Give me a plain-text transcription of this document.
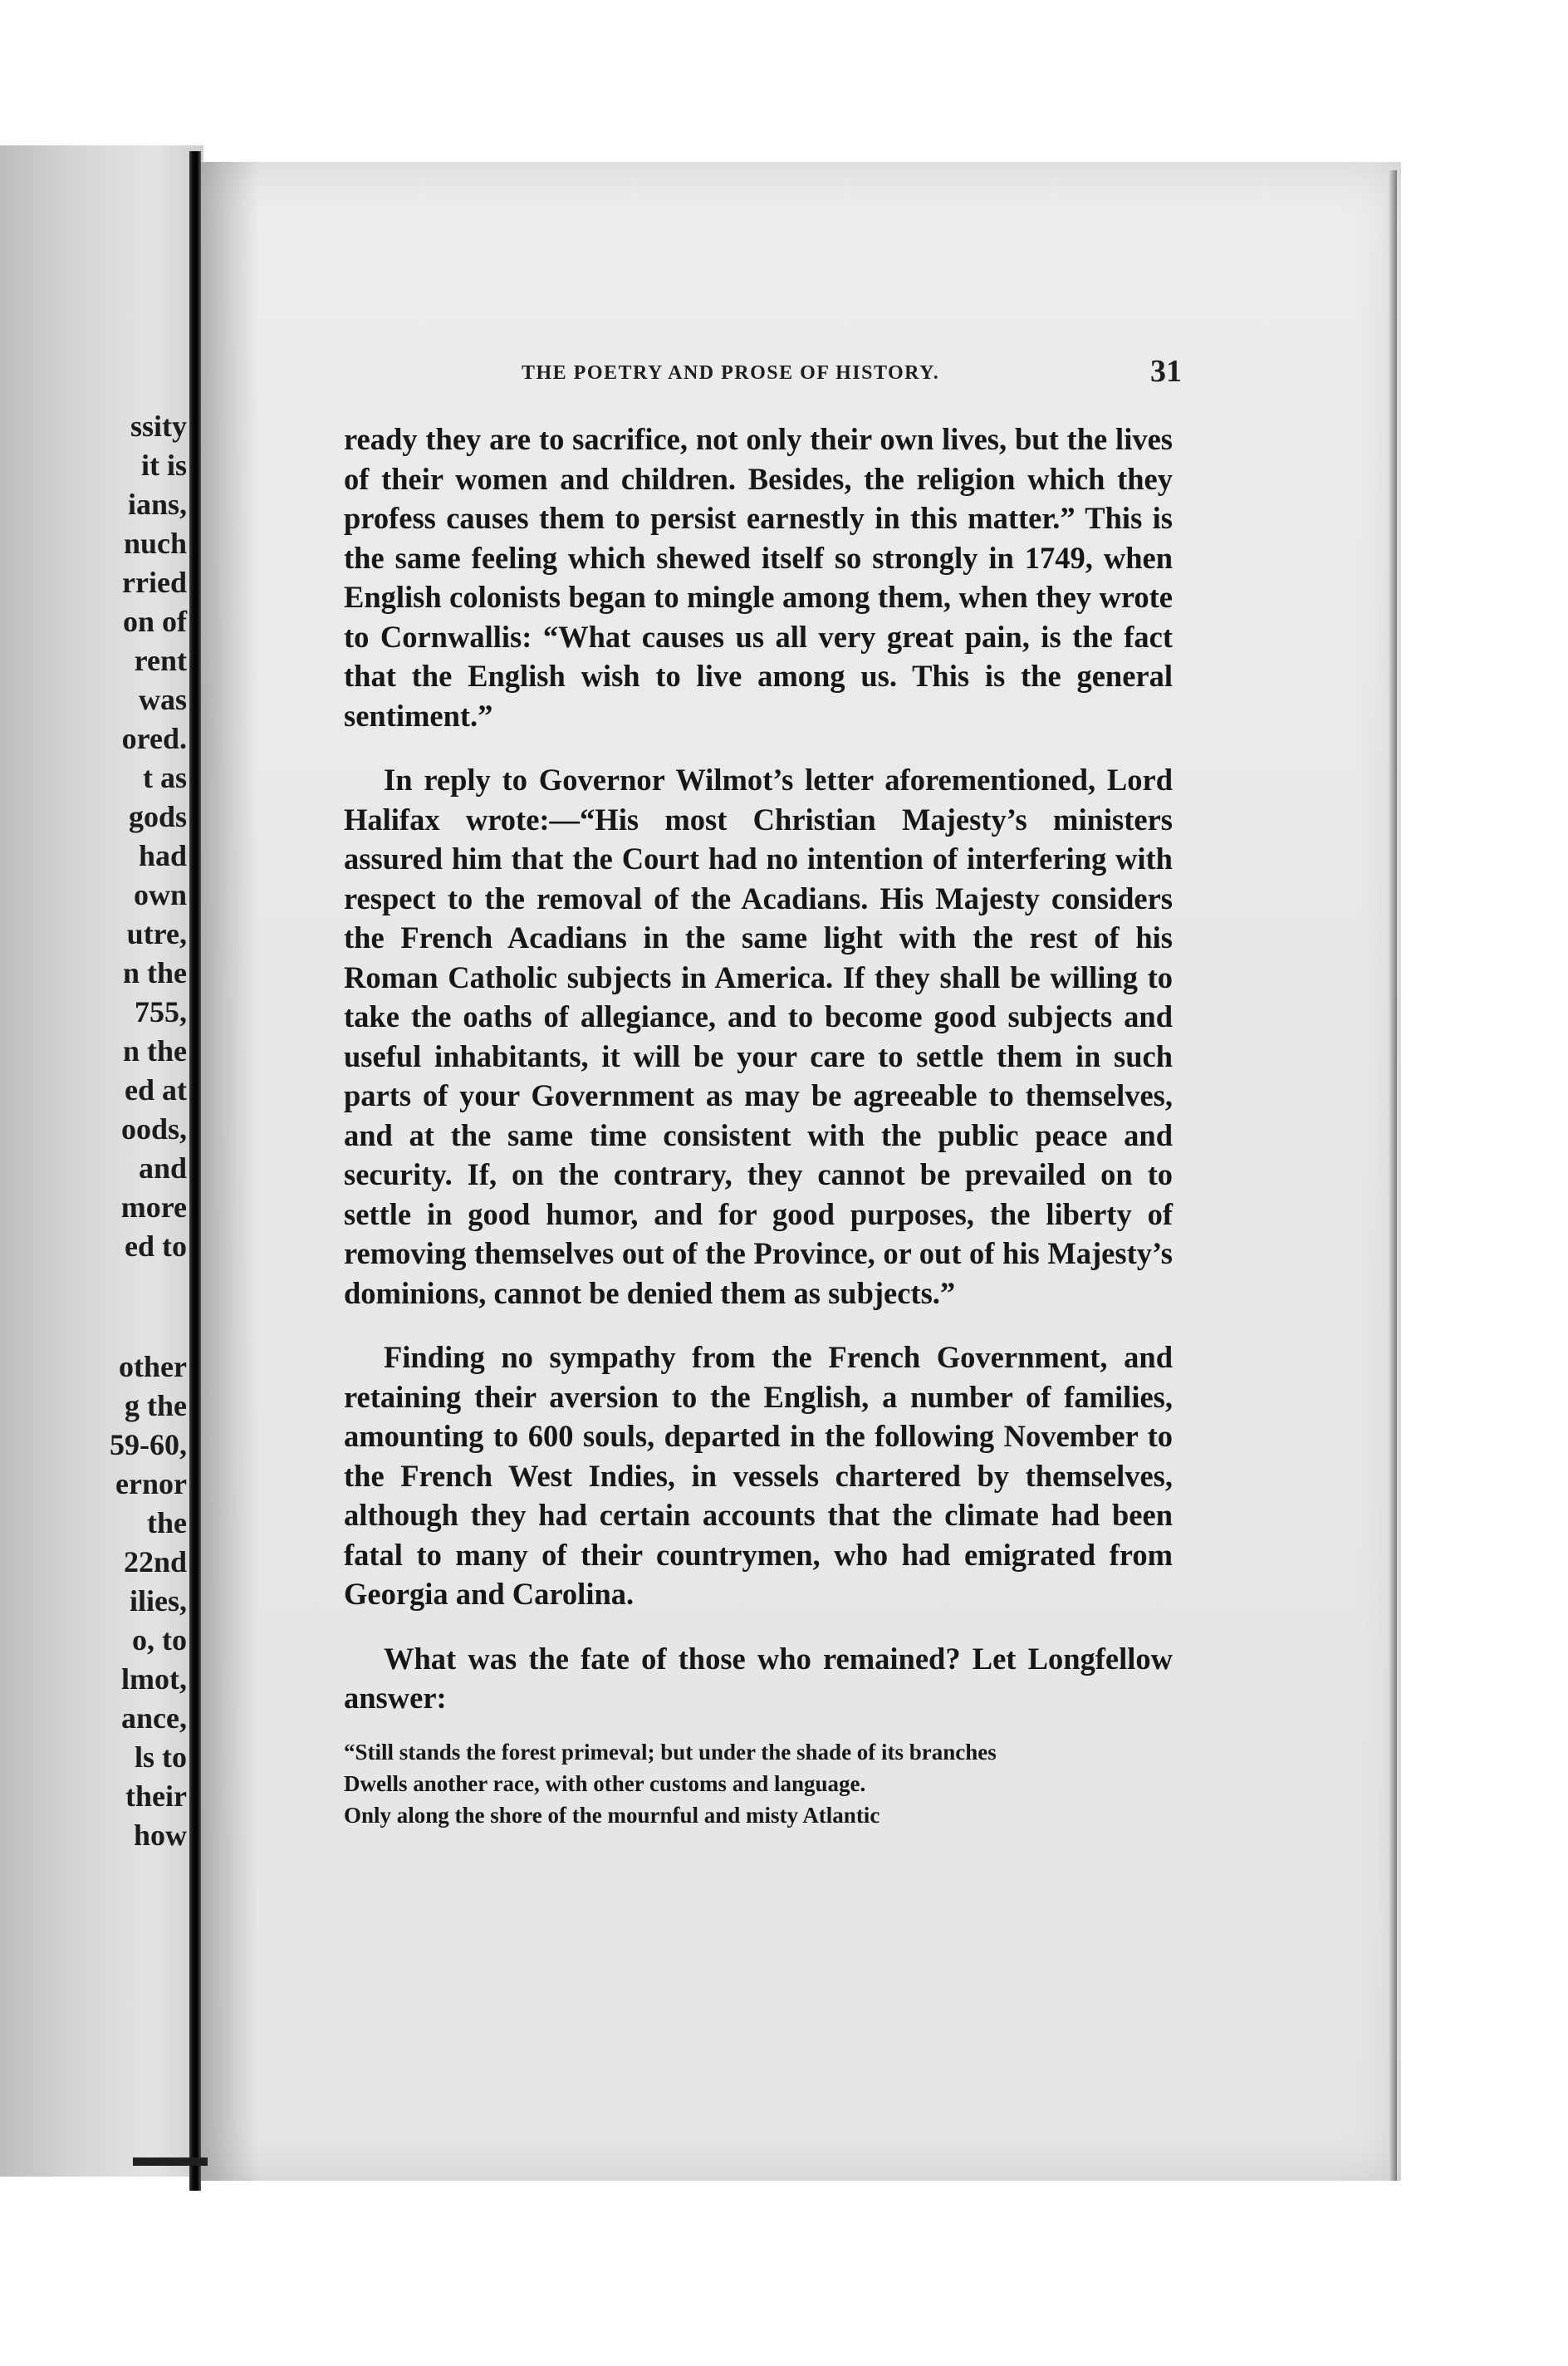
ssity
it is
ians,
nuch
rried
on of
rent
was
ored.
t as
gods
had
own
utre,
n the
755,
n the
ed at
oods,
and
more
ed to
other
g the
59-60,
ernor
the
22nd
ilies,
o, to
lmot,
ance,
ls to
their
how
THE POETRY AND PROSE OF HISTORY.	31

ready they are to sacrifice, not only their own lives, but the lives of their women and children. Besides, the religion which they profess causes them to persist earnestly in this matter.” This is the same feeling which shewed itself so strongly in 1749, when English colonists began to mingle among them, when they wrote to Cornwallis: “What causes us all very great pain, is the fact that the English wish to live among us. This is the general sentiment.”

In reply to Governor Wilmot’s letter aforementioned, Lord Halifax wrote:—“His most Christian Majesty’s ministers assured him that the Court had no intention of interfering with respect to the removal of the Acadians. His Majesty considers the French Acadians in the same light with the rest of his Roman Catholic subjects in America. If they shall be willing to take the oaths of allegiance, and to become good subjects and useful inhabitants, it will be your care to settle them in such parts of your Government as may be agreeable to themselves, and at the same time consistent with the public peace and security. If, on the contrary, they cannot be prevailed on to settle in good humor, and for good purposes, the liberty of removing themselves out of the Province, or out of his Majesty’s dominions, cannot be denied them as subjects.”

Finding no sympathy from the French Government, and retaining their aversion to the English, a number of families, amounting to 600 souls, departed in the following November to the French West Indies, in vessels chartered by themselves, although they had certain accounts that the climate had been fatal to many of their countrymen, who had emigrated from Georgia and Carolina.

What was the fate of those who remained? Let Longfellow answer:

“Still stands the forest primeval; but under the shade of its branches
Dwells another race, with other customs and language.
Only along the shore of the mournful and misty Atlantic
